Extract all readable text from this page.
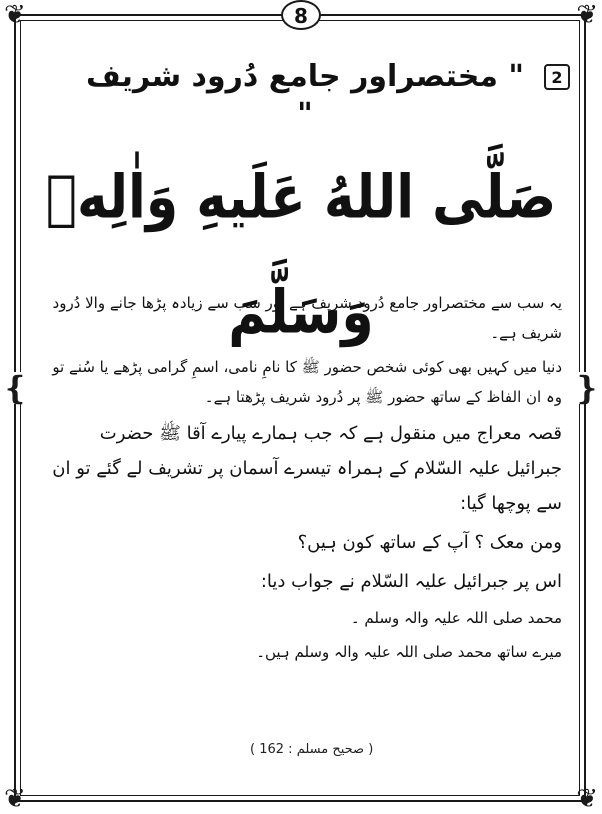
❦	❦
❦	❦
❴	❵
8
2
" مختصراور جامع دُرود شریف "
صَلَّى اللهُ عَلَيهِ وَاٰلِهٖ وَسَلَّمَ

یہ سب سے مختصراور جامع دُرود شریف ہے اور سب سے زیادہ پڑھا جانے والا دُرود شریف ہے۔

دنیا میں کہیں بھی کوئی شخص حضور ﷺ کا نامِ نامی، اسمِ گرامی پڑھے یا سُنے تو وہ ان الفاظ کے ساتھ حضور ﷺ پر دُرود شریف پڑھتا ہے۔

قصہ معراج میں منقول ہے کہ جب ہمارے پیارے آقا ﷺ حضرت جبرائیل علیہ السّلام کے ہمراہ تیسرے آسمان پر تشریف لے گئے تو ان سے پوچھا گیا:

ومن معک ؟ آپ کے ساتھ کون ہیں؟

اس پر جبرائیل علیہ السّلام نے جواب دیا:

محمد صلی اللہ علیہ والہ وسلم ۔

میرے ساتھ محمد صلی اللہ علیہ والہ وسلم ہیں۔

( صحیح مسلم : 162 )
